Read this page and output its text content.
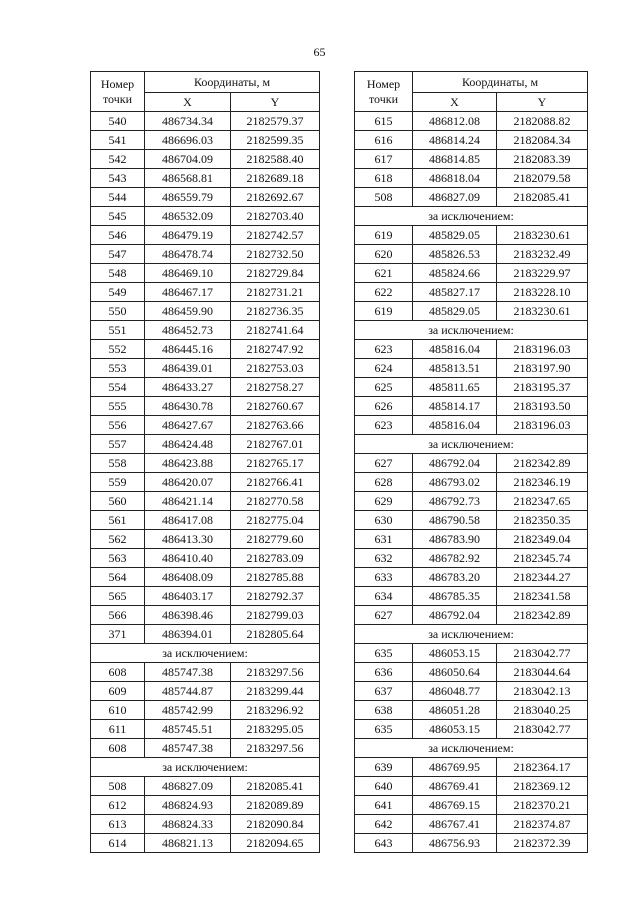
65
Номер
точки	Координаты, м	
	X	Y
540	486734.34	2182579.37
541	486696.03	2182599.35
542	486704.09	2182588.40
543	486568.81	2182689.18
544	486559.79	2182692.67
545	486532.09	2182703.40
546	486479.19	2182742.57
547	486478.74	2182732.50
548	486469.10	2182729.84
549	486467.17	2182731.21
550	486459.90	2182736.35
551	486452.73	2182741.64
552	486445.16	2182747.92
553	486439.01	2182753.03
554	486433.27	2182758.27
555	486430.78	2182760.67
556	486427.67	2182763.66
557	486424.48	2182767.01
558	486423.88	2182765.17
559	486420.07	2182766.41
560	486421.14	2182770.58
561	486417.08	2182775.04
562	486413.30	2182779.60
563	486410.40	2182783.09
564	486408.09	2182785.88
565	486403.17	2182792.37
566	486398.46	2182799.03
371	486394.01	2182805.64
за исключением:		
608	485747.38	2183297.56
609	485744.87	2183299.44
610	485742.99	2183296.92
611	485745.51	2183295.05
608	485747.38	2183297.56
за исключением:		
508	486827.09	2182085.41
612	486824.93	2182089.89
613	486824.33	2182090.84
614	486821.13	2182094.65
Номер
точки	Координаты, м	
	X	Y
615	486812.08	2182088.82
616	486814.24	2182084.34
617	486814.85	2182083.39
618	486818.04	2182079.58
508	486827.09	2182085.41
за исключением:		
619	485829.05	2183230.61
620	485826.53	2183232.49
621	485824.66	2183229.97
622	485827.17	2183228.10
619	485829.05	2183230.61
за исключением:		
623	485816.04	2183196.03
624	485813.51	2183197.90
625	485811.65	2183195.37
626	485814.17	2183193.50
623	485816.04	2183196.03
за исключением:		
627	486792.04	2182342.89
628	486793.02	2182346.19
629	486792.73	2182347.65
630	486790.58	2182350.35
631	486783.90	2182349.04
632	486782.92	2182345.74
633	486783.20	2182344.27
634	486785.35	2182341.58
627	486792.04	2182342.89
за исключением:		
635	486053.15	2183042.77
636	486050.64	2183044.64
637	486048.77	2183042.13
638	486051.28	2183040.25
635	486053.15	2183042.77
за исключением:		
639	486769.95	2182364.17
640	486769.41	2182369.12
641	486769.15	2182370.21
642	486767.41	2182374.87
643	486756.93	2182372.39
